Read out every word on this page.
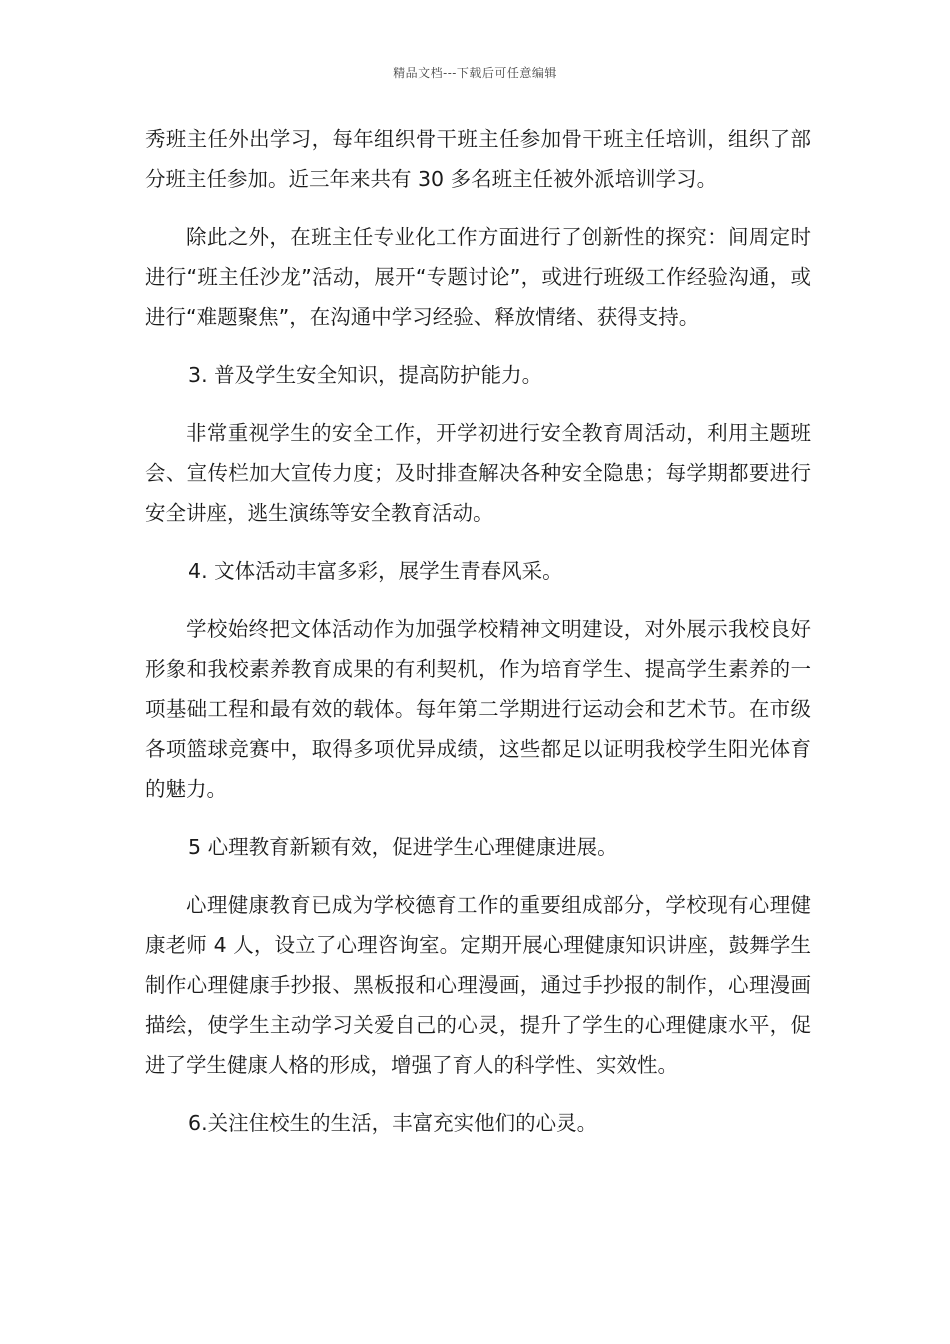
精品文档---下载后可任意编辑

秀班主任外出学习，每年组织骨干班主任参加骨干班主任培训，组织了部分班主任参加。近三年来共有 30 多名班主任被外派培训学习。

除此之外，在班主任专业化工作方面进行了创新性的探究：间周定时进行“班主任沙龙”活动，展开“专题讨论”，或进行班级工作经验沟通，或进行“难题聚焦”，在沟通中学习经验、释放情绪、获得支持。

3. 普及学生安全知识，提高防护能力。

非常重视学生的安全工作，开学初进行安全教育周活动，利用主题班会、宣传栏加大宣传力度；及时排查解决各种安全隐患；每学期都要进行安全讲座，逃生演练等安全教育活动。

4. 文体活动丰富多彩，展学生青春风采。

学校始终把文体活动作为加强学校精神文明建设，对外展示我校良好形象和我校素养教育成果的有利契机，作为培育学生、提高学生素养的一项基础工程和最有效的载体。每年第二学期进行运动会和艺术节。在市级各项篮球竞赛中，取得多项优异成绩，这些都足以证明我校学生阳光体育的魅力。

5 心理教育新颖有效，促进学生心理健康进展。

心理健康教育已成为学校德育工作的重要组成部分，学校现有心理健康老师 4 人，设立了心理咨询室。定期开展心理健康知识讲座，鼓舞学生制作心理健康手抄报、黑板报和心理漫画，通过手抄报的制作，心理漫画描绘，使学生主动学习关爱自己的心灵，提升了学生的心理健康水平，促进了学生健康人格的形成，增强了育人的科学性、实效性。

6.关注住校生的生活，丰富充实他们的心灵。
